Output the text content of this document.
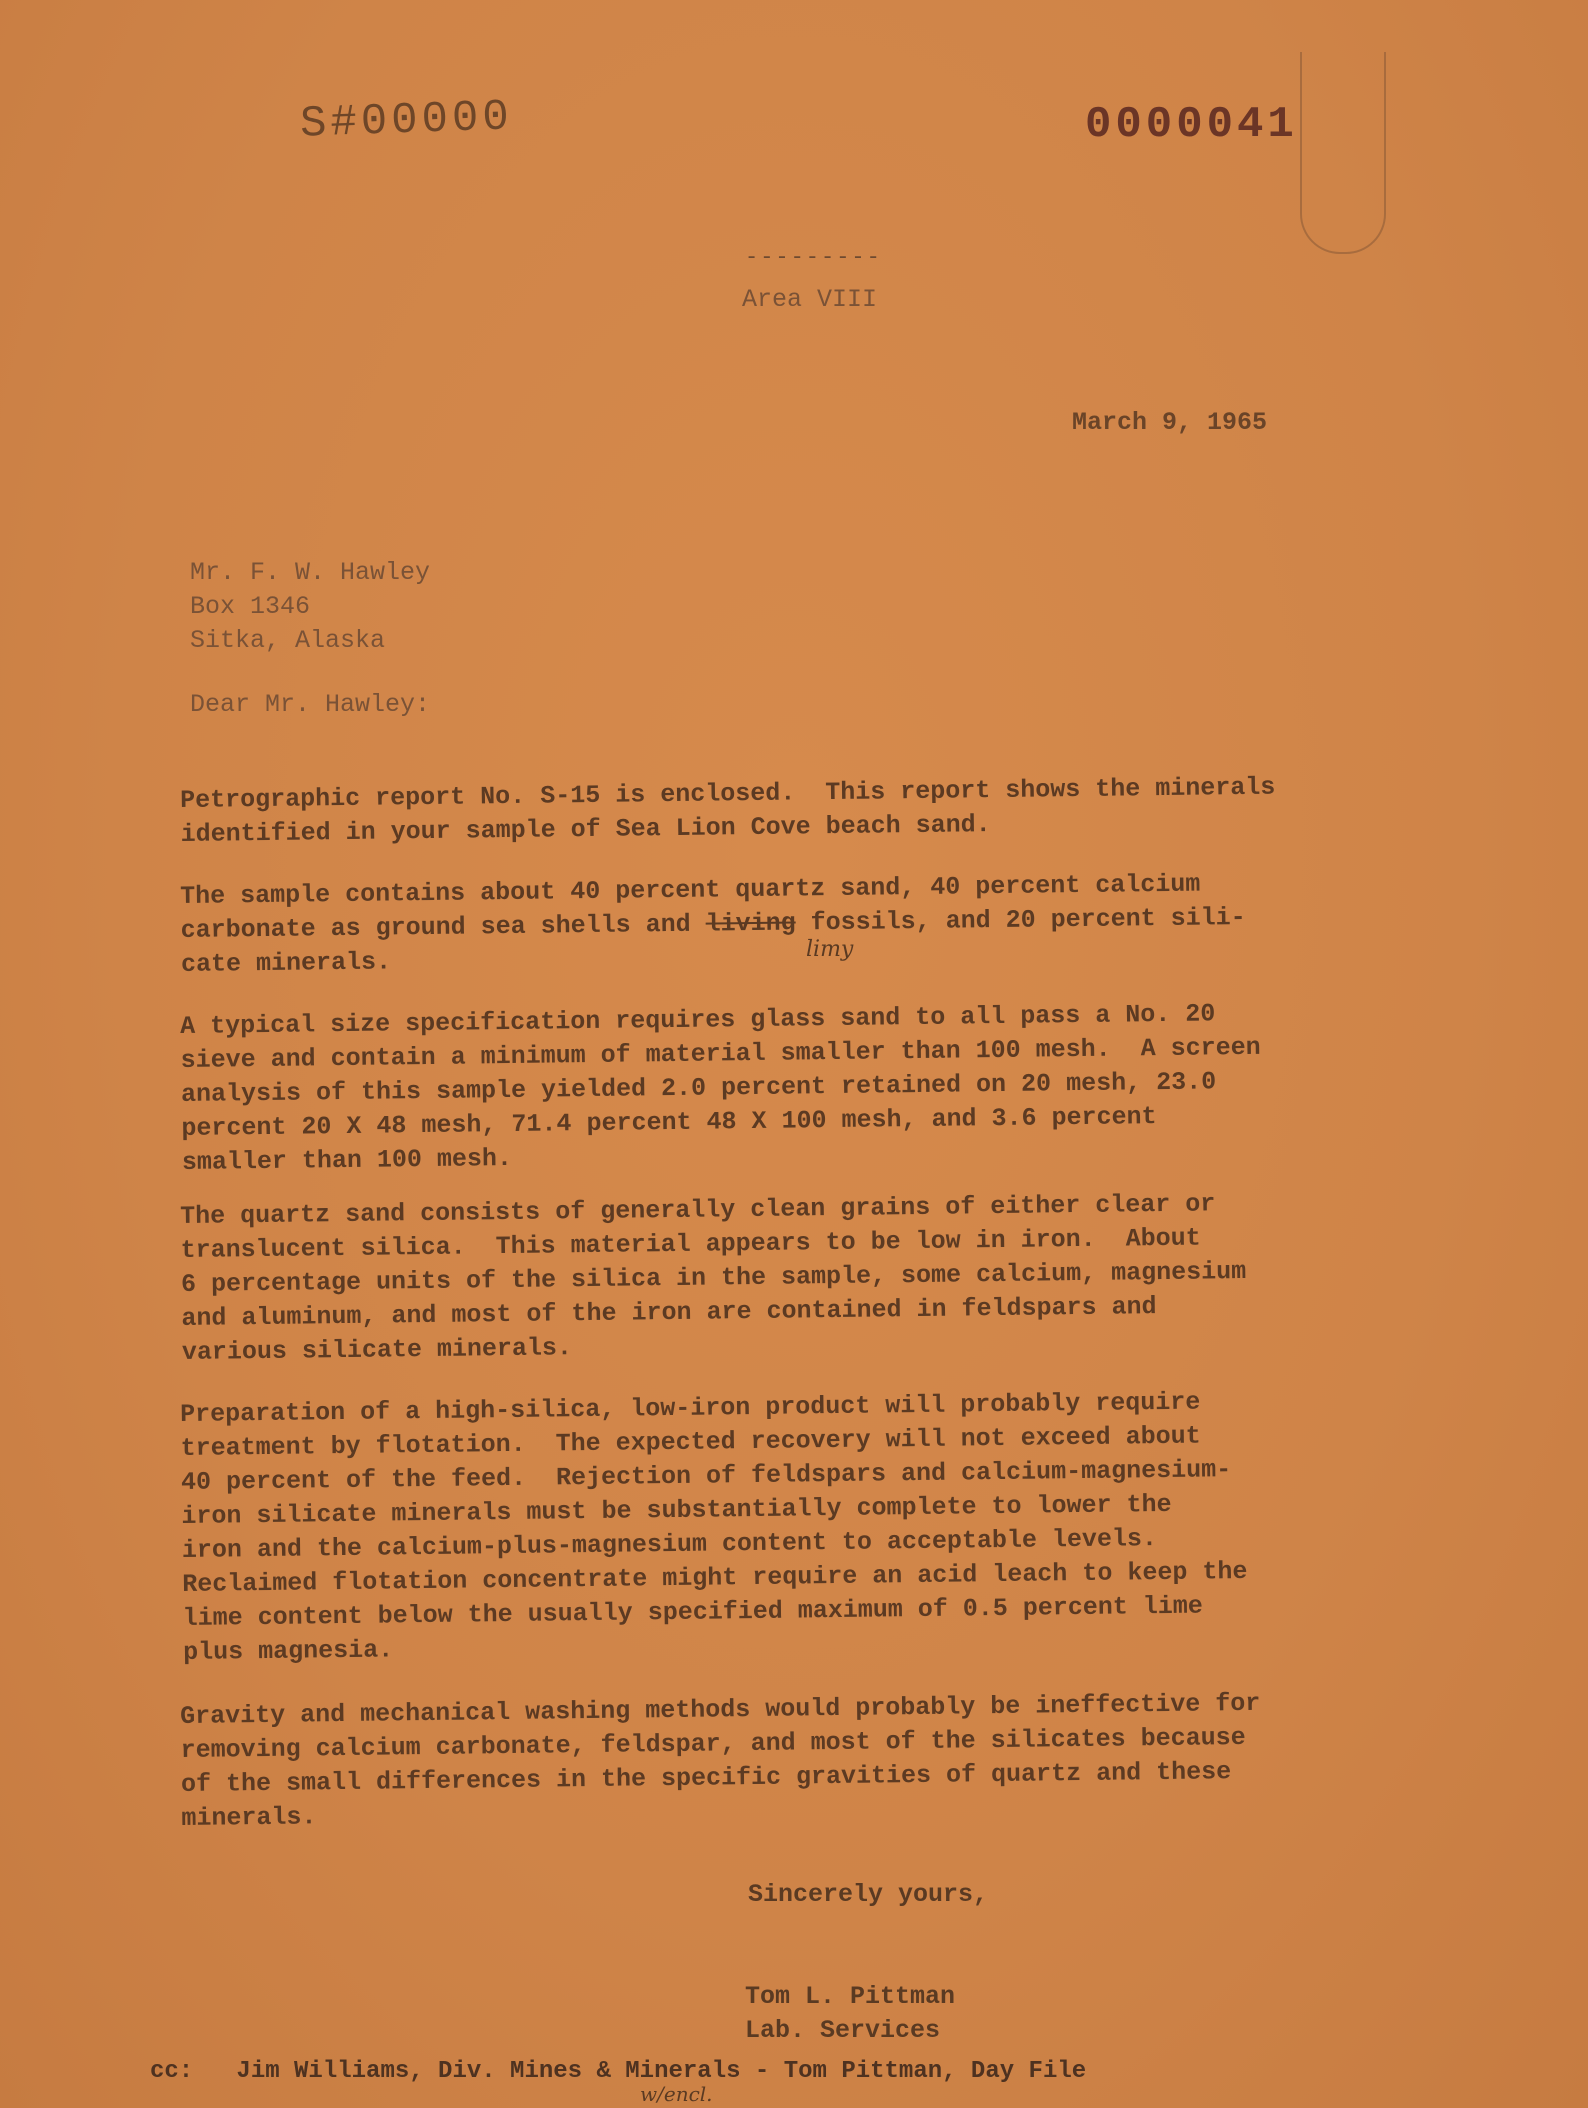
S#00000	0000041
---------
Area VIII
March 9, 1965
Mr. F. W. Hawley
Box 1346
Sitka, Alaska
Dear Mr. Hawley:
Petrographic report No. S-15 is enclosed.  This report shows the minerals
identified in your sample of Sea Lion Cove beach sand.
The sample contains about 40 percent quartz sand, 40 percent calcium
carbonate as ground sea shells and living fossils, and 20 percent sili-
cate minerals.	limy
A typical size specification requires glass sand to all pass a No. 20
sieve and contain a minimum of material smaller than 100 mesh.  A screen
analysis of this sample yielded 2.0 percent retained on 20 mesh, 23.0
percent 20 X 48 mesh, 71.4 percent 48 X 100 mesh, and 3.6 percent
smaller than 100 mesh.
The quartz sand consists of generally clean grains of either clear or
translucent silica.  This material appears to be low in iron.  About
6 percentage units of the silica in the sample, some calcium, magnesium
and aluminum, and most of the iron are contained in feldspars and
various silicate minerals.
Preparation of a high-silica, low-iron product will probably require
treatment by flotation.  The expected recovery will not exceed about
40 percent of the feed.  Rejection of feldspars and calcium-magnesium-
iron silicate minerals must be substantially complete to lower the
iron and the calcium-plus-magnesium content to acceptable levels.
Reclaimed flotation concentrate might require an acid leach to keep the
lime content below the usually specified maximum of 0.5 percent lime
plus magnesia.
Gravity and mechanical washing methods would probably be ineffective for
removing calcium carbonate, feldspar, and most of the silicates because
of the small differences in the specific gravities of quartz and these
minerals.
Sincerely yours,
Tom L. Pittman
Lab. Services
cc:   Jim Williams, Div. Mines & Minerals - Tom Pittman, Day File
w/encl.
